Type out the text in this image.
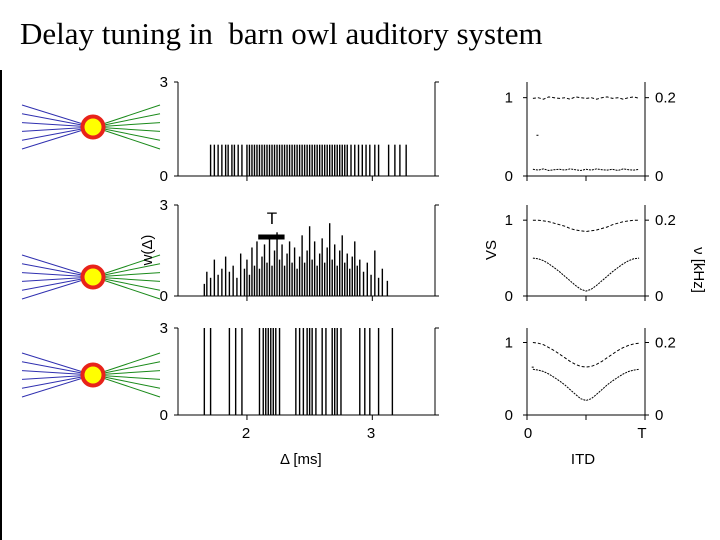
Delay tuning in  barn owl auditory system
0
3
0
3
0
3
0
1
0
0.2
0
1
0
0.2
0
1
0
0.2
Δ [ms]
w(Δ)
2	3
T
ITD
VS	ν [kHz]
0	T
